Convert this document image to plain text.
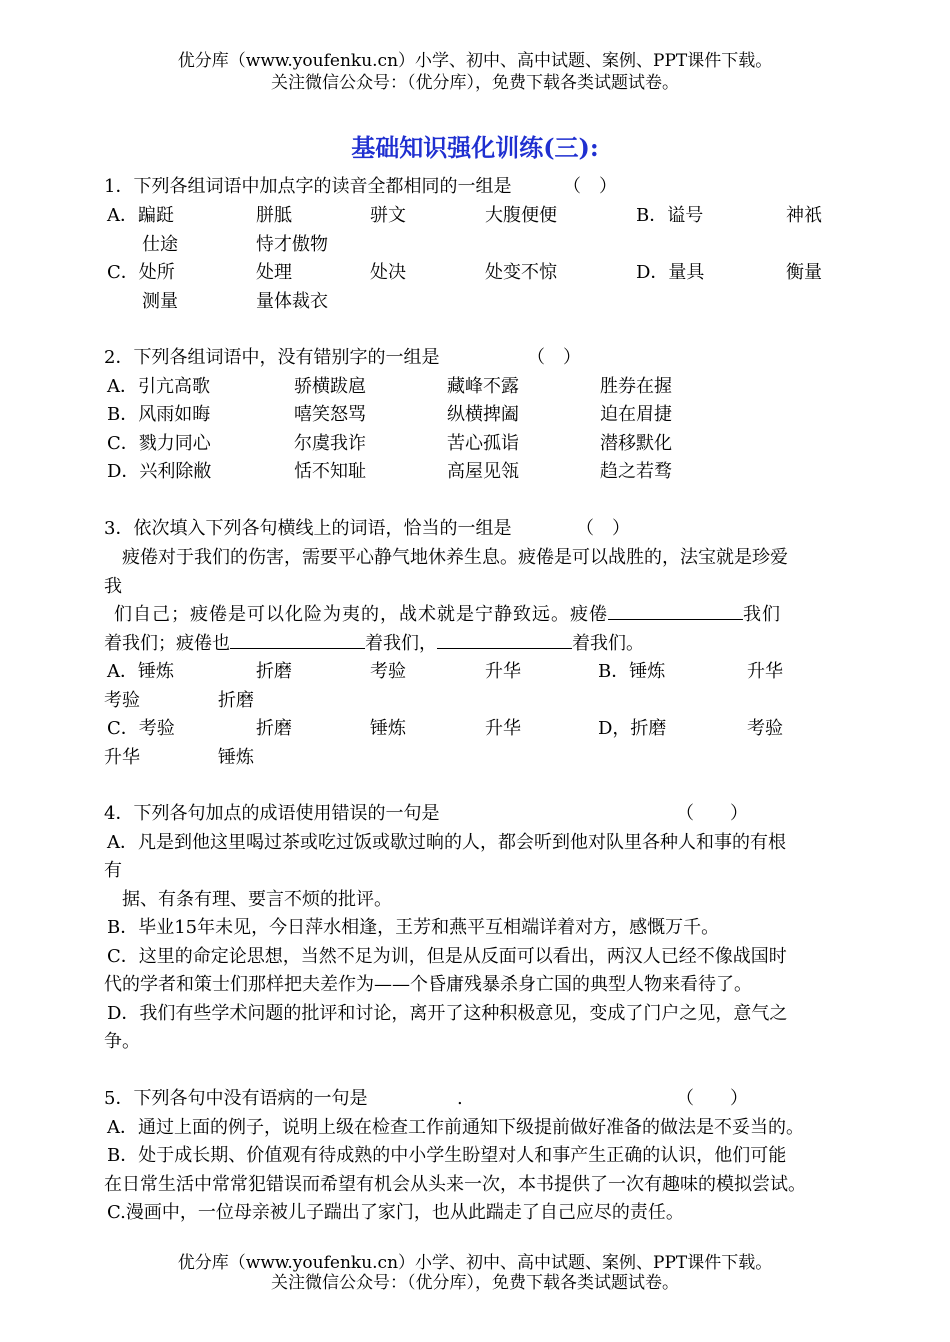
优分库（www.youfenku.cn）小学、初中、高中试题、案例、PPT课件下载。
关注微信公众号：（优分库），免费下载各类试题试卷。
基础知识强化训练(三):
1．下列各组词语中加点字的读音全都相同的一组是	（　）
A．蹁跹	胼胝	骈文	大腹便便	B．谥号	神祇
仕途	恃才傲物
C．处所	处理	处决	处变不惊	D．量具	衡量
测量	量体裁衣
2．下列各组词语中，没有错别字的一组是	（　）
A．引亢高歌	骄横跋扈	藏峰不露	胜券在握
B．风雨如晦	嘻笑怒骂	纵横捭阖	迫在眉捷
C．戮力同心	尔虞我诈	苦心孤诣	潜移默化
D．兴利除敝	恬不知耻	高屋见瓴	趋之若骛
3．依次填入下列各句横线上的词语，恰当的一组是	（　）
疲倦对于我们的伤害，需要平心静气地休养生息。疲倦是可以战胜的，法宝就是珍爱
我
们自己；疲倦是可以化险为夷的，战术就是宁静致远。疲倦	我们
着我们；疲倦也	着我们，	着我们。
A．锤炼	折磨	考验	升华	B．锤炼	升华
考验	折磨
C．考验	折磨	锤炼	升华	D，折磨	考验
升华	锤炼
4．下列各句加点的成语使用错误的一句是	（　　）
A．凡是到他这里喝过茶或吃过饭或歇过晌的人，都会听到他对队里各种人和事的有根
有
据、有条有理、要言不烦的批评。
B．毕业15年未见，今日萍水相逢，王芳和燕平互相端详着对方，感慨万千。
C．这里的命定论思想，当然不足为训，但是从反面可以看出，两汉人已经不像战国时
代的学者和策士们那样把夫差作为——个昏庸残暴杀身亡国的典型人物来看待了。
D．我们有些学术问题的批评和讨论，离开了这种积极意见，变成了门户之见，意气之
争。
5．下列各句中没有语病的一句是	.	（　　）
A．通过上面的例子，说明上级在检查工作前通知下级提前做好准备的做法是不妥当的。
B．处于成长期、价值观有待成熟的中小学生盼望对人和事产生正确的认识，他们可能
在日常生活中常常犯错误而希望有机会从头来一次，本书提供了一次有趣味的模拟尝试。
C.漫画中，一位母亲被儿子踹出了家门，也从此踹走了自己应尽的责任。
优分库（www.youfenku.cn）小学、初中、高中试题、案例、PPT课件下载。
关注微信公众号：（优分库），免费下载各类试题试卷。
